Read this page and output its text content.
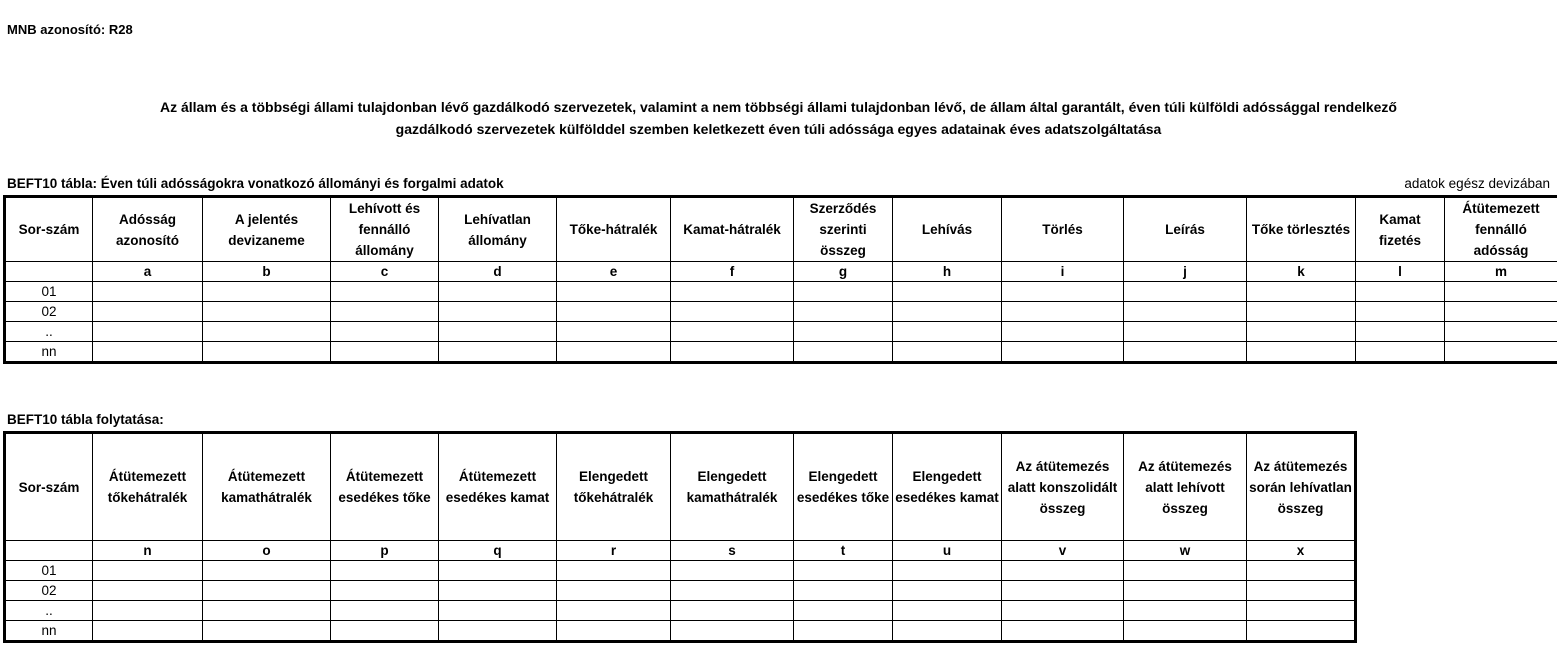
MNB azonosító: R28
Az állam és a többségi állami tulajdonban lévő gazdálkodó szervezetek, valamint a nem többségi állami tulajdonban lévő, de állam által garantált, éven túli külföldi adóssággal rendelkező
gazdálkodó szervezetek külfölddel szemben keletkezett éven túli adóssága egyes adatainak éves adatszolgáltatása
BEFT10 tábla: Éven túli adósságokra vonatkozó állományi és forgalmi adatok	adatok egész devizában
Sor-szám	Adósság azonosító	A jelentés devizaneme	Lehívott és fennálló állomány	Lehívatlan állomány	Tőke-hátralék	Kamat-hátralék	Szerződés szerinti összeg	Lehívás	Törlés	Leírás	Tőke törlesztés	Kamat fizetés	Átütemezett fennálló adósság
	a	b	c	d	e	f	g	h	i	j	k	l	m
01													
02													
..													
nn													
BEFT10 tábla folytatása:
Sor-szám	Átütemezett tőkehátralék	Átütemezett kamathátralék	Átütemezett esedékes tőke	Átütemezett esedékes kamat	Elengedett tőkehátralék	Elengedett kamathátralék	Elengedett esedékes tőke	Elengedett esedékes kamat	Az átütemezés alatt konszolidált összeg	Az átütemezés alatt lehívott összeg	Az átütemezés során lehívatlan összeg
	n	o	p	q	r	s	t	u	v	w	x
01											
02											
..											
nn											
